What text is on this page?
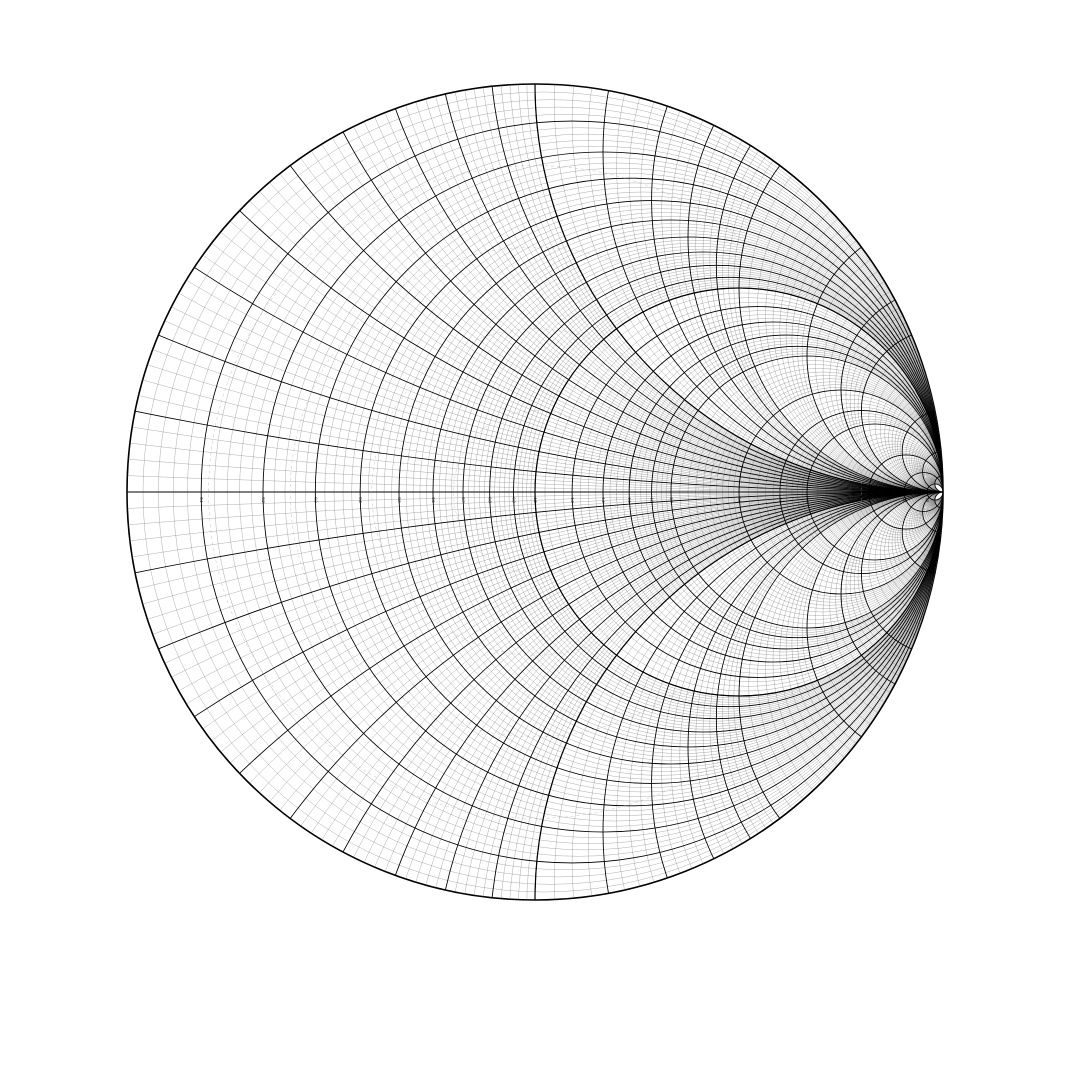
0.1	0.2	0.3	0.4	0.5	0.6	0.7	0.8	0.9	1.0	1.2	1.4	1.6	1.8	2.0	3.0	4.0	5.0	10	20	50
